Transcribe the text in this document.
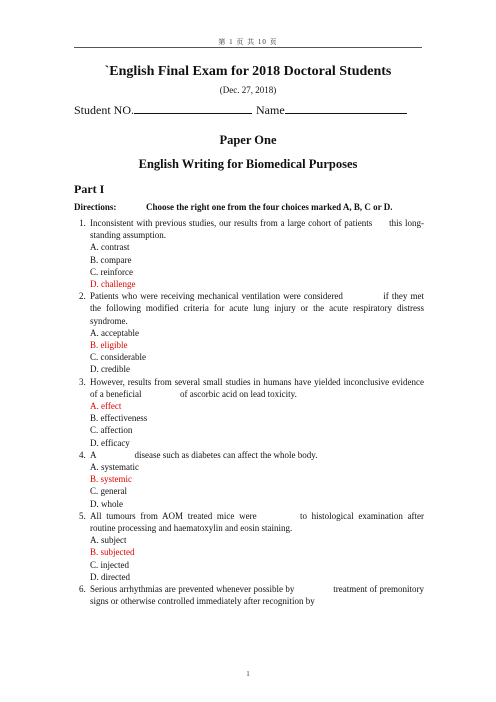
第 1 页 共 10 页
`English Final Exam for 2018 Doctoral Students
(Dec. 27, 2018)
Student NO.	Name
Paper One
English Writing for Biomedical Purposes
Part I
Directions:	Choose the right one from the four choices marked A, B, C or D.
1. Inconsistent with previous studies, our results from a large cohort of patients this long-standing assumption.
A. contrast
B. compare
C. reinforce
D. challenge
2. Patients who were receiving mechanical ventilation were considered	if they met the following modified criteria for acute lung injury or the acute respiratory distress syndrome.
A. acceptable
B. eligible
C. considerable
D. credible
3. However, results from several small studies in humans have yielded inconclusive evidence of a beneficial	of ascorbic acid on lead toxicity.
A. effect
B. effectiveness
C. affection
D. efficacy
4. A	disease such as diabetes can affect the whole body.
A. systematic
B. systemic
C. general
D. whole
5. All tumours from AOM treated mice were	to histological examination after routine processing and haematoxylin and eosin staining.
A. subject
B. subjected
C. injected
D. directed
6. Serious arrhythmias are prevented whenever possible by	treatment of premonitory signs or otherwise controlled immediately after recognition by
1
